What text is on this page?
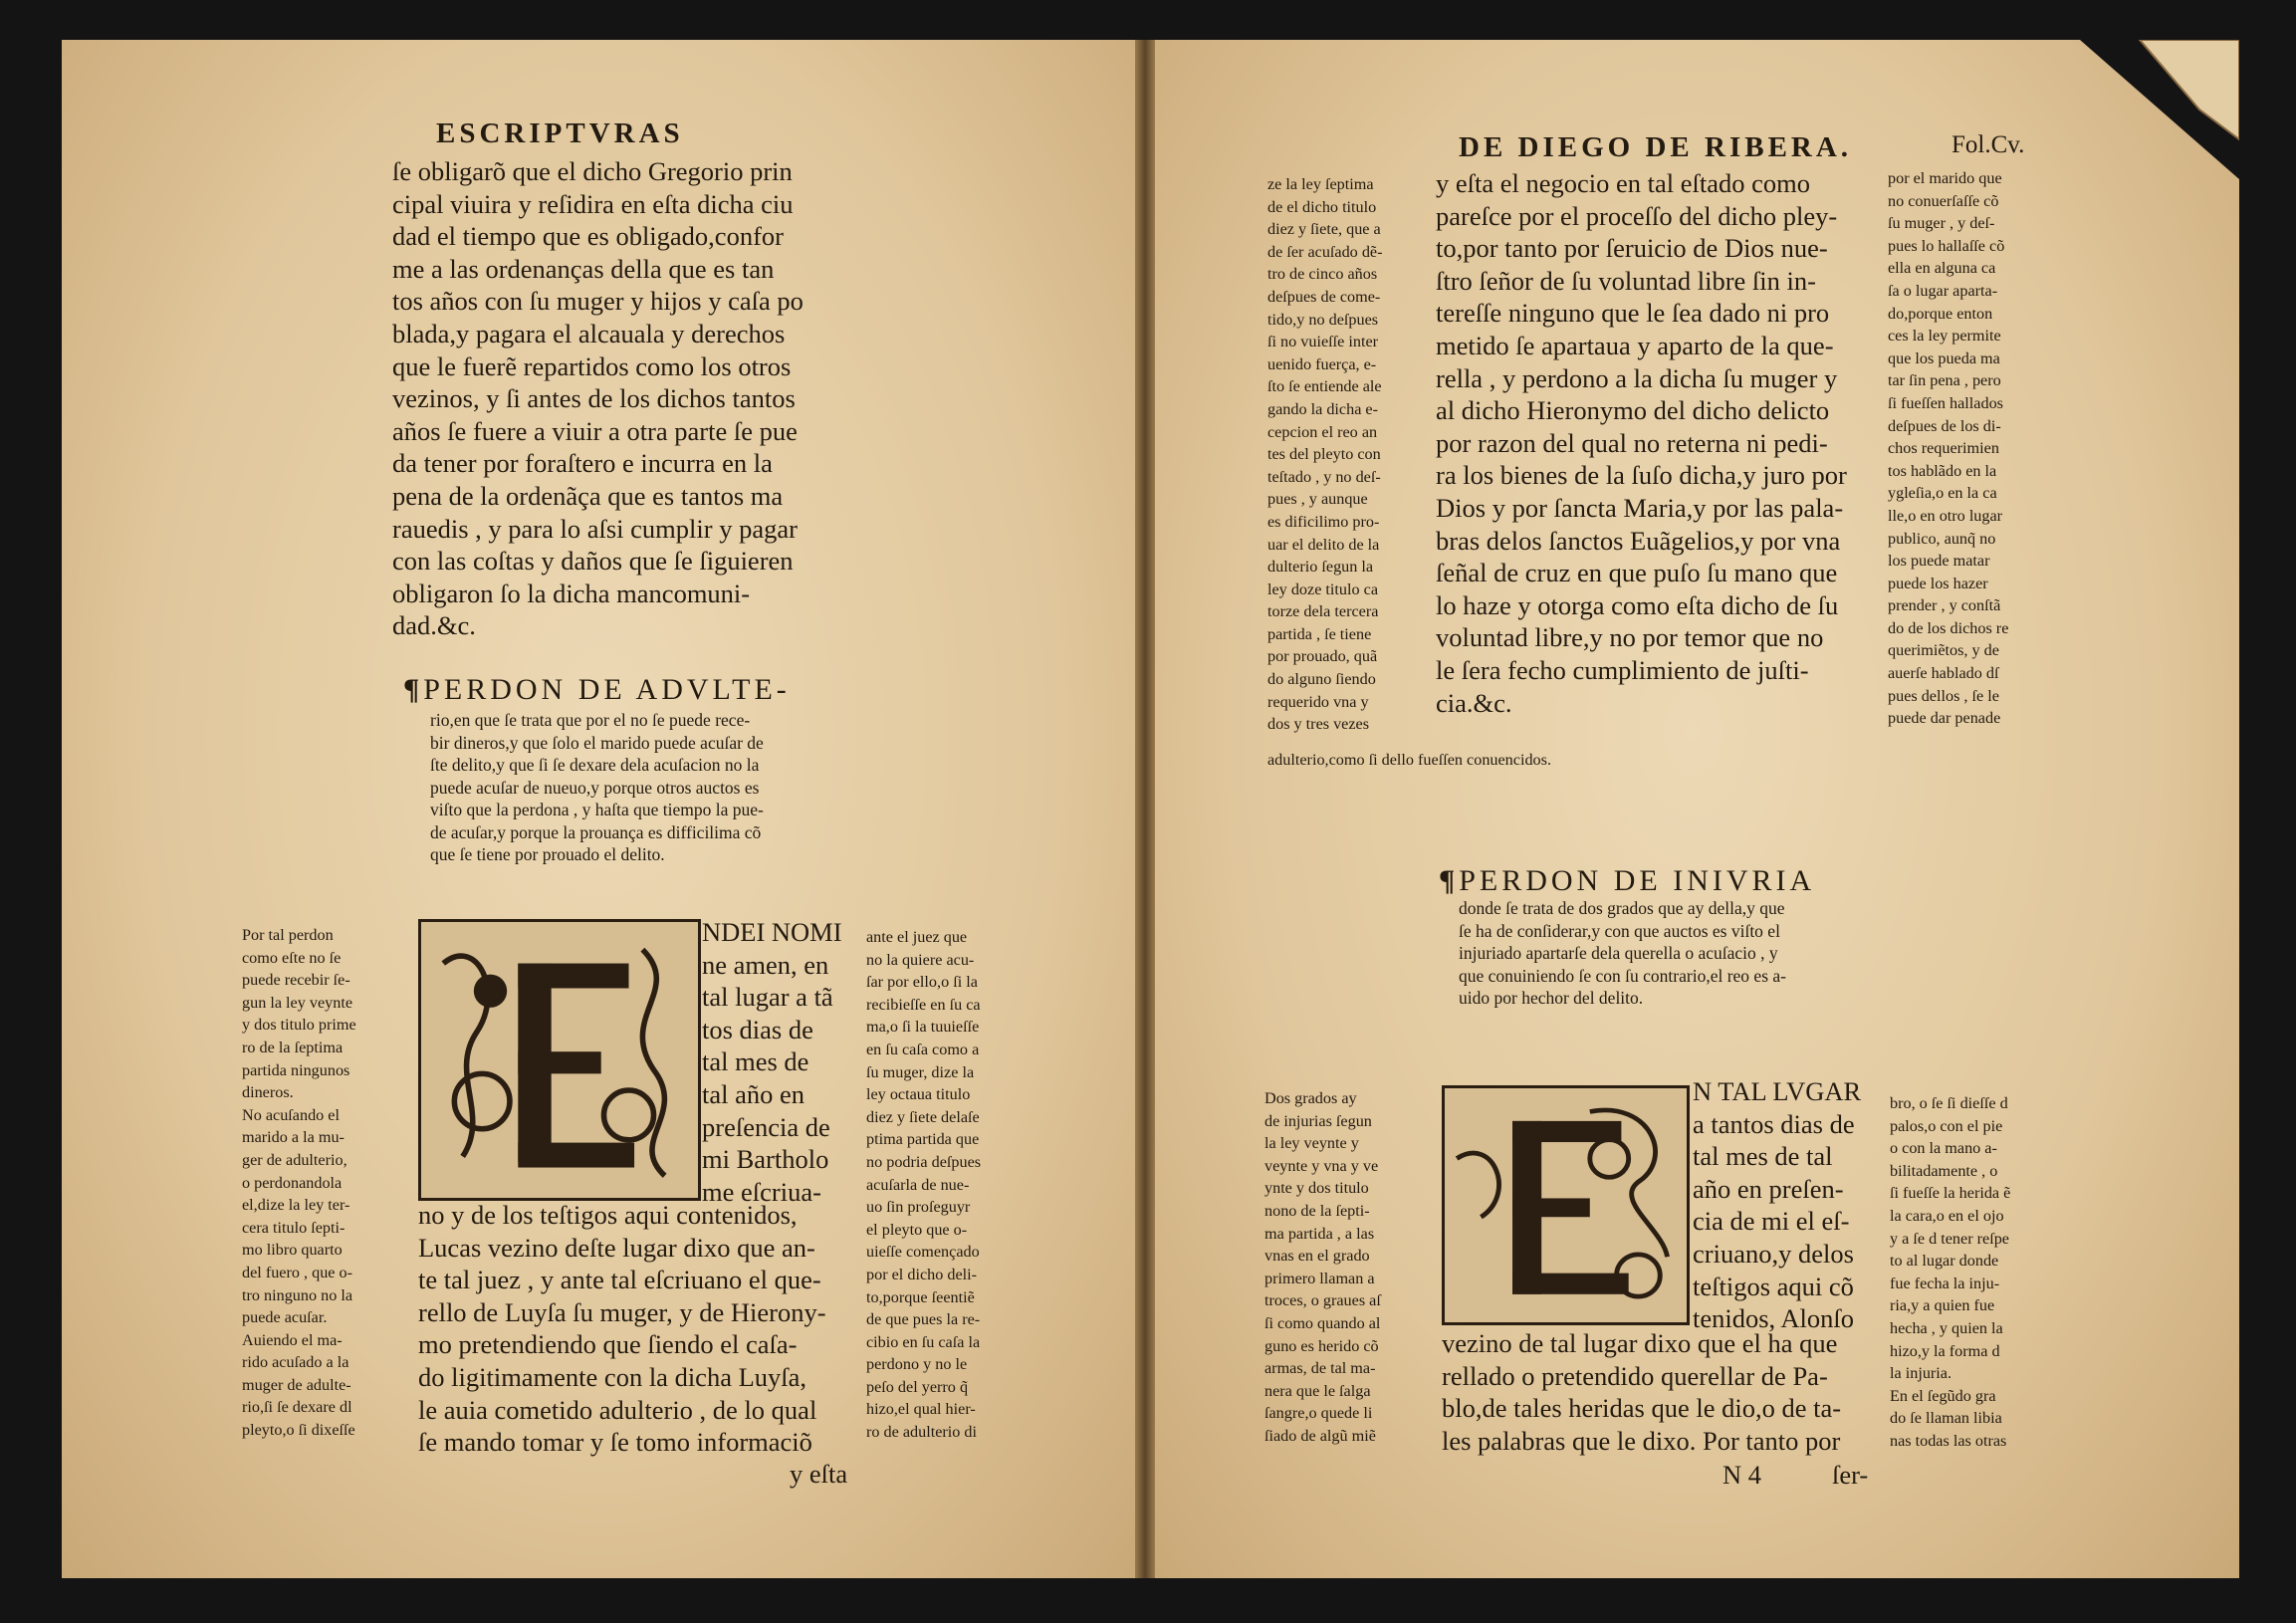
ESCRIPTVRAS
ſe obligarõ que el dicho Gregorio prin
cipal viuira y reſidira en eſta dicha ciu
dad el tiempo que es obligado,confor
me a las ordenanças della que es tan
tos años con ſu muger y hijos y caſa po
blada,y pagara el alcauala y derechos
que le fuerẽ repartidos como los otros
vezinos, y ſi antes de los dichos tantos
años ſe fuere a viuir a otra parte ſe pue
da tener por foraſtero e incurra en la
pena de la ordenãça que es tantos ma
rauedis , y para lo aſsi cumplir y pagar
con las coſtas y daños que ſe ſiguieren
obligaron ſo la dicha mancomuni-
dad.&c.
¶PERDON DE ADVLTE-
rio,en que ſe trata que por el no ſe puede rece-
bir dineros,y que ſolo el marido puede acuſar de
ſte delito,y que ſi ſe dexare dela acuſacion no la
puede acuſar de nueuo,y porque otros auctos es
viſto que la perdona , y haſta que tiempo la pue-
de acuſar,y porque la prouança es difficilima cõ
que ſe tiene por prouado el delito.
NDEI NOMI
ne amen, en
tal lugar a tã
tos dias de
tal mes de
tal año en
preſencia de
mi Bartholo
me eſcriua-
no y de los teſtigos aqui contenidos,
Lucas vezino deſte lugar dixo que an-
te tal juez , y ante tal eſcriuano el que-
rello de Luyſa ſu muger, y de Hierony-
mo pretendiendo que ſiendo el caſa-
do ligitimamente con la dicha Luyſa,
le auia cometido adulterio , de lo qual
ſe mando tomar y ſe tomo informaciõ
y eſta
Por tal perdon
como eſte no ſe
puede recebir ſe-
gun la ley veynte
y dos titulo prime
ro de la ſeptima
partida ningunos
dineros.
No acuſando el
marido a la mu-
ger de adulterio,
o perdonandola
el,dize la ley ter-
cera titulo ſepti-
mo libro quarto
del fuero , que o-
tro ninguno no la
puede acuſar.
Auiendo el ma-
rido acuſado a la
muger de adulte-
rio,ſi ſe dexare dl
pleyto,o ſi dixeſſe
ante el juez que
no la quiere acu-
ſar por ello,o ſi la
recibieſſe en ſu ca
ma,o ſi la tuuieſſe
en ſu caſa como a
ſu muger, dize la
ley octaua titulo
diez y ſiete delaſe
ptima partida que
no podria deſpues
acuſarla de nue-
uo ſin proſeguyr
el pleyto que o-
uieſſe començado
por el dicho deli-
to,porque ſeentiẽ
de que pues la re-
cibio en ſu caſa la
perdono y no le
peſo del yerro q̃
hizo,el qual hier-
ro de adulterio di
DE DIEGO DE RIBERA.	Fol.Cv.
ze la ley ſeptima
de el dicho titulo
diez y ſiete, que a
de ſer acuſado dẽ-
tro de cinco años
deſpues de come-
tido,y no deſpues
ſi no vuieſſe inter
uenido fuerça, e-
ſto ſe entiende ale
gando la dicha e-
cepcion el reo an
tes del pleyto con
teſtado , y no deſ-
pues , y aunque
es dificilimo pro-
uar el delito de la
dulterio ſegun la
ley doze titulo ca
torze dela tercera
partida , ſe tiene
por prouado, quã
do alguno ſiendo
requerido vna y
dos y tres vezes
adulterio,como ſi dello fueſſen conuencidos.
y eſta el negocio en tal eſtado como
pareſce por el proceſſo del dicho pley-
to,por tanto por ſeruicio de Dios nue-
ſtro ſeñor de ſu voluntad libre ſin in-
tereſſe ninguno que le ſea dado ni pro
metido ſe apartaua y aparto de la que-
rella , y perdono a la dicha ſu muger y
al dicho Hieronymo del dicho delicto
por razon del qual no reterna ni pedi-
ra los bienes de la ſuſo dicha,y juro por
Dios y por ſancta Maria,y por las pala-
bras delos ſanctos Euãgelios,y por vna
ſeñal de cruz en que puſo ſu mano que
lo haze y otorga como eſta dicho de ſu
voluntad libre,y no por temor que no
le ſera fecho cumplimiento de juſti-
cia.&c.
por el marido que
no conuerſaſſe cõ
ſu muger , y deſ-
pues lo hallaſſe cõ
ella en alguna ca
ſa o lugar aparta-
do,porque enton
ces la ley permite
que los pueda ma
tar ſin pena , pero
ſi fueſſen hallados
deſpues de los di-
chos requerimien
tos hablãdo en la
ygleſia,o en la ca
lle,o en otro lugar
publico, aunq̃ no
los puede matar
puede los hazer
prender , y conſtã
do de los dichos re
querimiẽtos, y de
auerſe hablado dſ
pues dellos , ſe le
puede dar penade
¶PERDON DE INIVRIA
donde ſe trata de dos grados que ay della,y que
ſe ha de conſiderar,y con que auctos es viſto el
injuriado apartarſe dela querella o acuſacio , y
que conuiniendo ſe con ſu contrario,el reo es a-
uido por hechor del delito.
N TAL LVGAR
a tantos dias de
tal mes de tal
año en preſen-
cia de mi el eſ-
criuano,y delos
teſtigos aqui cõ
tenidos, Alonſo
vezino de tal lugar dixo que el ha que
rellado o pretendido querellar de Pa-
blo,de tales heridas que le dio,o de ta-
les palabras que le dixo. Por tanto por
N 4	ſer-
Dos grados ay
de injurias ſegun
la ley veynte y
veynte y vna y ve
ynte y dos titulo
nono de la ſepti-
ma partida , a las
vnas en el grado
primero llaman a
troces, o graues aſ
ſi como quando al
guno es herido cõ
armas, de tal ma-
nera que le ſalga
ſangre,o quede li
ſiado de algũ miẽ
bro, o ſe ſi dieſſe d
palos,o con el pie
o con la mano a-
bilitadamente , o
ſi fueſſe la herida ẽ
la cara,o en el ojo
y a ſe d tener reſpe
to al lugar donde
fue fecha la inju-
ria,y a quien fue
hecha , y quien la
hizo,y la forma d
la injuria.
En el ſegũdo gra
do ſe llaman libia
nas todas las otras
